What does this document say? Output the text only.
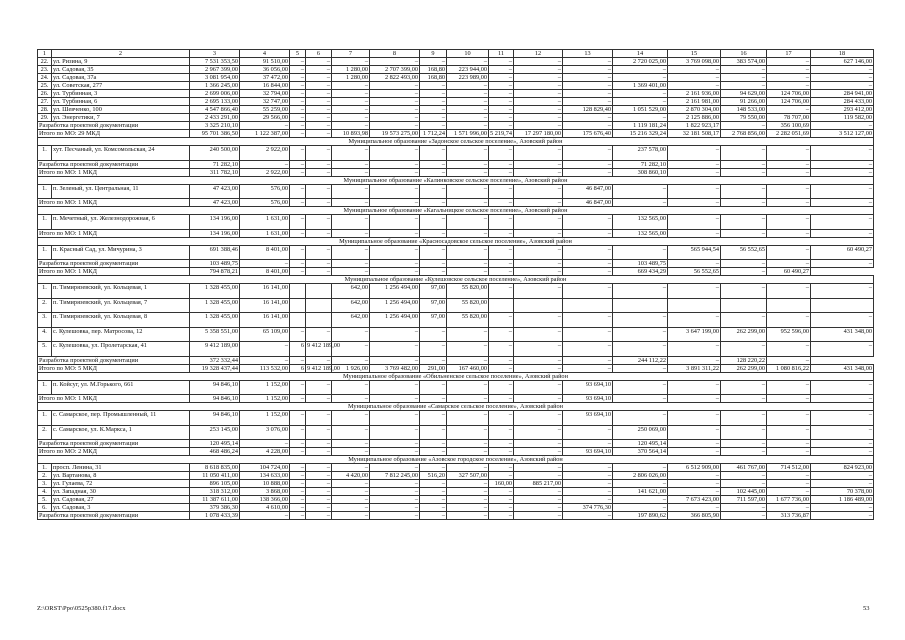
1	2	3	4	5	6	7	8	9	10	11	12	13	14	15	16	17	18
22.	ул. Ризина, 9	7 531 353,50	91 510,00	–	–	–	–	–	–	–	–	–	2 720 025,00	3 769 098,00	383 574,00	–	627 146,00
23.	ул. Садовая, 35	2 967 399,00	36 056,00	–	–	1 280,00	2 707 399,00	168,80	223 944,00	–	–	–	–	–	–	–	–
24.	ул. Садовая, 37а	3 081 954,00	37 472,00	–	–	1 280,00	2 822 493,00	168,80	223 989,00	–	–	–	–	–	–	–	–
25.	ул. Советская, 277	1 366 245,00	16 844,00	–	–	–	–	–	–	–	–	–	1 369 401,00	–	–	–	–
26.	ул. Турбинная, 3	2 699 006,00	32 794,00	–	–	–	–	–	–	–	–	–	–	2 161 936,00	94 629,00	124 706,00	284 941,00
27.	ул. Турбинная, 6	2 695 133,00	32 747,00	–	–	–	–	–	–	–	–	–	–	2 161 981,00	91 266,00	124 706,00	284 433,00
28.	ул. Шевченко, 100	4 547 866,40	55 259,00	–	–	–	–	–	–	–	–	128 829,40	1 051 529,00	2 870 304,00	148 533,00	–	293 412,00
29.	ул. Энергетики, 7	2 433 291,00	29 566,00	–	–	–	–	–	–	–	–	–	–	2 125 886,00	79 550,00	78 707,00	119 582,00
Разработка проектной документации		3 325 210,10	–	–	–	–	–	–	–	–	–	–	1 119 181,24	1 822 923,17	–	356 100,69	–
Итого по МО: 29 МКД		95 701 386,50	1 122 387,00	–	–	10 893,98	19 573 275,00	1 712,24	1 571 996,00	5 219,74	17 297 180,00	175 676,40	15 216 329,24	32 181 508,17	2 768 856,00	2 282 051,69	3 512 127,00
Муниципальное образование «Задонское сельское поселение», Азовский район																	
1.	хут. Песчаный, ул. Комсомольская, 24	240 500,00	2 922,00	–	–	–	–	–	–	–	–	–	237 578,00	–	–	–	–
Разработка проектной документации		71 282,10	–	–	–	–	–	–	–	–	–	–	71 282,10	–	–	–	–
Итого по МО: 1 МКД		311 782,10	2 922,00	–	–	–	–	–	–	–	–	–	308 860,10	–	–	–	–
Муниципальное образование «Калинковское сельское поселение», Азовский район																	
1.	п. Зеленый, ул. Центральная, 11	47 423,00	576,00	–	–	–	–	–	–	–	–	46 847,00	–	–	–	–	–
Итого по МО: 1 МКД		47 423,00	576,00	–	–	–	–	–	–	–	–	46 847,00	–	–	–	–	–
Муниципальное образование «Кагальницкое сельское поселение», Азовский район																	
1.	п. Мечетный, ул. Железнодорожная, 6	134 196,00	1 631,00	–	–	–	–	–	–	–	–	–	132 565,00	–	–	–	–
Итого по МО: 1 МКД		134 196,00	1 631,00	–	–	–	–	–	–	–	–	–	132 565,00	–	–	–	–
Муниципальное образование «Красносадовское сельское поселение», Азовский район																	
1.	п. Красный Сад, ул. Мичурина, 3	691 388,46	8 401,00	–	–	–	–	–	–	–	–	–	–	565 944,54	56 552,65	–	60 490,27
Разработка проектной документации		103 489,75	–	–	–	–	–	–	–	–	–	–	103 489,75	–	–	–	–
Итого по МО: 1 МКД		794 878,21	8 401,00	–	–	–	–	–	–	–	–	–	669 434,29	56 552,65	–	60 490,27	
Муниципальное образование «Кулешовское сельское поселение», Азовский район																	
1.	п. Тимирязевский, ул. Кольцевая, 1	1 328 455,00	16 141,00			642,00	1 256 494,00	97,00	55 820,00	–	–	–	–	–	–	–	–
2.	п. Тимирязевский, ул. Кольцевая, 7	1 328 455,00	16 141,00			642,00	1 256 494,00	97,00	55 820,00								
3.	п. Тимирязевский, ул. Кольцевая, 8	1 328 455,00	16 141,00			642,00	1 256 494,00	97,00	55 820,00	–	–	–	–	–	–	–	–
4.	с. Кулешовка, пер. Матросова, 12	5 358 551,00	65 109,00	–	–	–	–	–	–	–	–	–	–	3 647 199,00	262 299,00	952 596,00	431 348,00
5.	с. Кулешовка, ул. Пролетарская, 41	9 412 189,00	–	6	9 412 189,00	–	–	–	–	–	–	–	–	–	–	–	–
Разработка проектной документации		372 332,44	–	–	–	–	–	–	–	–	–	–	244 112,22	–	128 220,22	–	
Итого по МО: 5 МКД		19 328 437,44	113 532,00	6	9 412 189,00	1 926,00	3 769 482,00	291,00	167 460,00	–	–	–	–	3 891 311,22	262 299,00	1 080 816,22	431 348,00
Муниципальное образование «Обильненское сельское поселение», Азовский район																	
1.	п. Койсуг, ул. М.Горького, 661	94 846,10	1 152,00	–	–	–	–	–	–	–	–	93 694,10	–	–	–	–	–
Итого по МО: 1 МКД		94 846,10	1 152,00	–	–	–	–	–	–	–	–	93 694,10	–	–	–	–	–
Муниципальное образование «Самарское сельское поселение», Азовский район																	
1.	с. Самарское, пер. Промышленный, 11	94 846,10	1 152,00	–	–	–	–	–	–	–	–	93 694,10	–	–	–	–	–
2.	с. Самарское, ул. К.Маркса, 1	253 145,00	3 076,00	–	–	–	–	–	–	–	–	–	250 069,00	–	–	–	–
Разработка проектной документации		120 495,14	–	–	–	–	–	–	–	–	–	–	120 495,14	–	–	–	–
Итого по МО: 2 МКД		468 486,24	4 228,00	–	–	–	–	–	–	–	–	93 694,10	370 564,14	–	–	–	–
Муниципальное образование «Азовское городское поселение», Азовский район																	
1.	просп. Ленина, 31	8 618 835,00	104 724,00	–	–	–	–	–	–	–	–	–	–	6 512 909,00	461 767,00	714 512,00	824 923,00
2.	ул. Вартанова, 8	11 050 411,00	134 633,00	–	–	4 420,00	7 812 245,00	516,20	327 507,00	–	–	–	2 806 026,00	–	–	–	–
3.	ул. Гулаева, 72	896 105,00	10 888,00	–	–	–	–	–	–	160,00	885 217,00	–	–	–	–	–	–
4.	ул. Западная, 30	318 312,00	3 868,00	–	–	–	–	–	–	–	–	–	141 621,00	–	102 445,00	–	70 378,00
5.	ул. Садовая, 27	11 387 611,00	138 366,00	–	–	–	–	–	–	–	–	–	–	7 673 423,00	711 597,00	1 677 736,00	1 186 489,00
6.	ул. Садовая, 3	379 386,30	4 610,00	–	–	–	–	–	–	–	–	374 776,30	–	–	–	–	–
Разработка проектной документации		1 078 433,39	–	–	–	–	–	–	–	–	–	–	197 890,62	366 805,90	–	313 736,87	–
Z:\ORST\Ppo\0525p380.f17.docx	53
